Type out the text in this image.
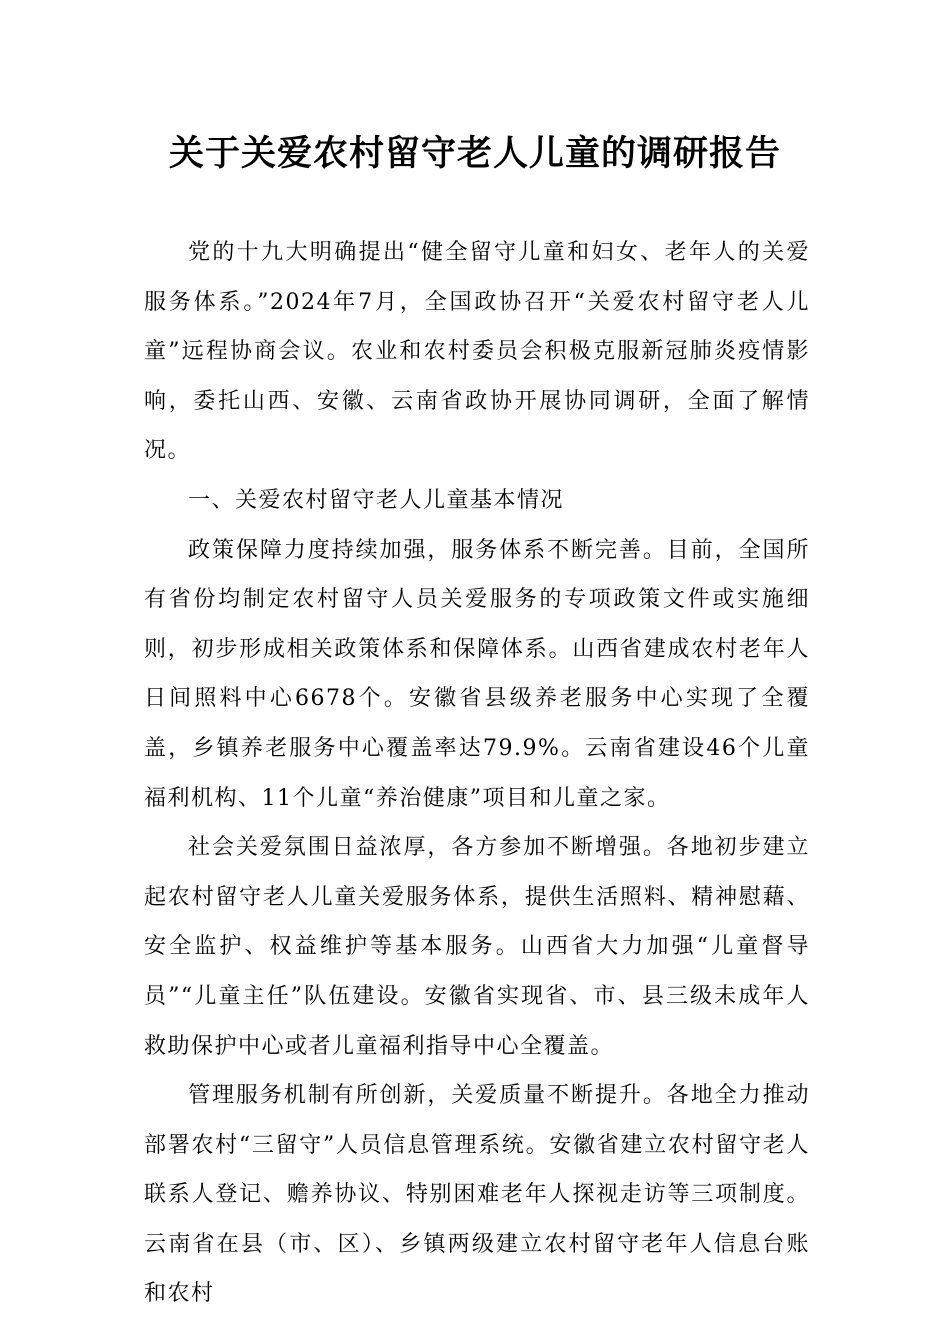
关于关爱农村留守老人儿童的调研报告

党的十九大明确提出“健全留守儿童和妇女、老年人的关爱服务体系。”2024年7月，全国政协召开“关爱农村留守老人儿童”远程协商会议。农业和农村委员会积极克服新冠肺炎疫情影响，委托山西、安徽、云南省政协开展协同调研，全面了解情况。

一、关爱农村留守老人儿童基本情况

政策保障力度持续加强，服务体系不断完善。目前，全国所有省份均制定农村留守人员关爱服务的专项政策文件或实施细则，初步形成相关政策体系和保障体系。山西省建成农村老年人日间照料中心6678个。安徽省县级养老服务中心实现了全覆盖，乡镇养老服务中心覆盖率达79.9%。云南省建设46个儿童福利机构、11个儿童“养治健康”项目和儿童之家。

社会关爱氛围日益浓厚，各方参加不断增强。各地初步建立起农村留守老人儿童关爱服务体系，提供生活照料、精神慰藉、安全监护、权益维护等基本服务。山西省大力加强“儿童督导员”“儿童主任”队伍建设。安徽省实现省、市、县三级未成年人救助保护中心或者儿童福利指导中心全覆盖。

管理服务机制有所创新，关爱质量不断提升。各地全力推动部署农村“三留守”人员信息管理系统。安徽省建立农村留守老人联系人登记、赡养协议、特别困难老年人探视走访等三项制度。云南省在县（市、区）、乡镇两级建立农村留守老年人信息台账和农村
